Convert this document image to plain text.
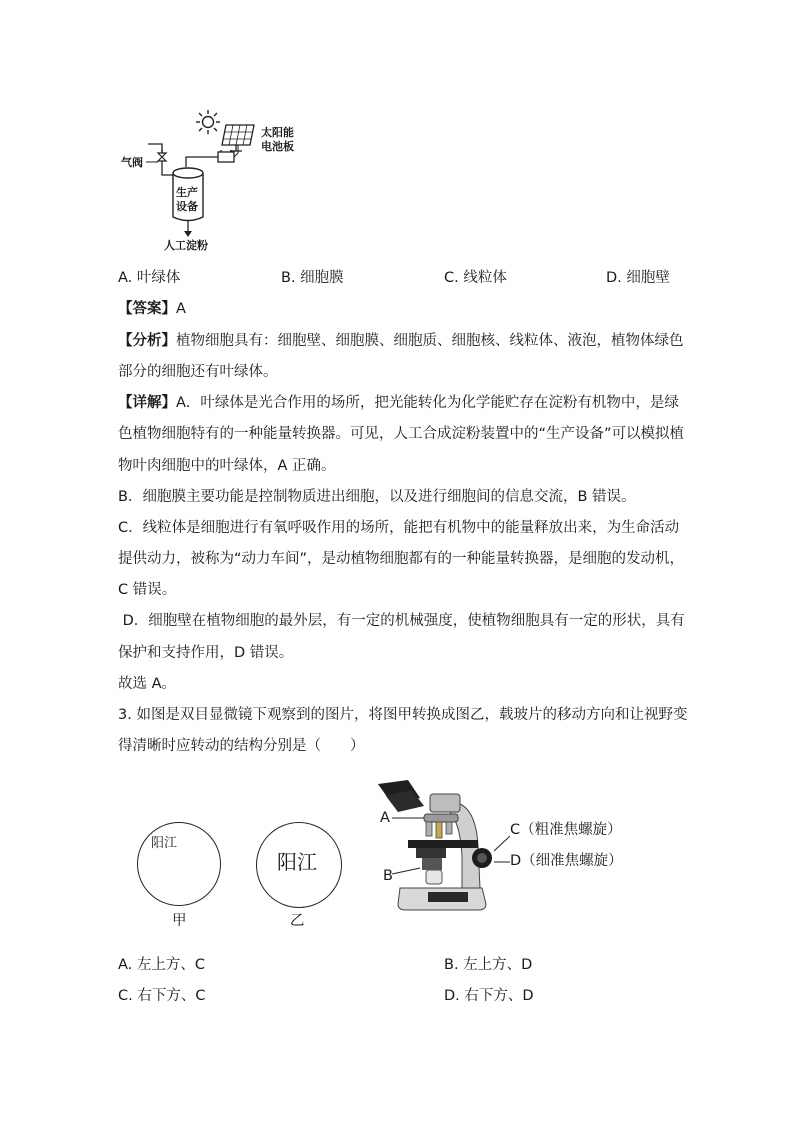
太阳能
电池板
气阀
生产
设备
人工淀粉
A. 叶绿体	B. 细胞膜	C. 线粒体	D. 细胞壁
【答案】A
【分析】植物细胞具有：细胞壁、细胞膜、细胞质、细胞核、线粒体、液泡，植物体绿色
部分的细胞还有叶绿体。
【详解】A．叶绿体是光合作用的场所，把光能转化为化学能贮存在淀粉有机物中，是绿
色植物细胞特有的一种能量转换器。可见，人工合成淀粉装置中的“生产设备”可以模拟植
物叶肉细胞中的叶绿体，A 正确。
B．细胞膜主要功能是控制物质进出细胞，以及进行细胞间的信息交流，B 错误。
C．线粒体是细胞进行有氧呼吸作用的场所，能把有机物中的能量释放出来，为生命活动
提供动力，被称为“动力车间”，是动植物细胞都有的一种能量转换器，是细胞的发动机，
C 错误。
D．细胞壁在植物细胞的最外层，有一定的机械强度，使植物细胞具有一定的形状，具有
保护和支持作用，D 错误。
故选 A。
3. 如图是双目显微镜下观察到的图片，将图甲转换成图乙，载玻片的移动方向和让视野变
得清晰时应转动的结构分别是（　　）
阳江
甲
阳江
乙
A
B
C（粗准焦螺旋）
D（细准焦螺旋）
A. 左上方、C	B. 左上方、D
C. 右下方、C	D. 右下方、D
